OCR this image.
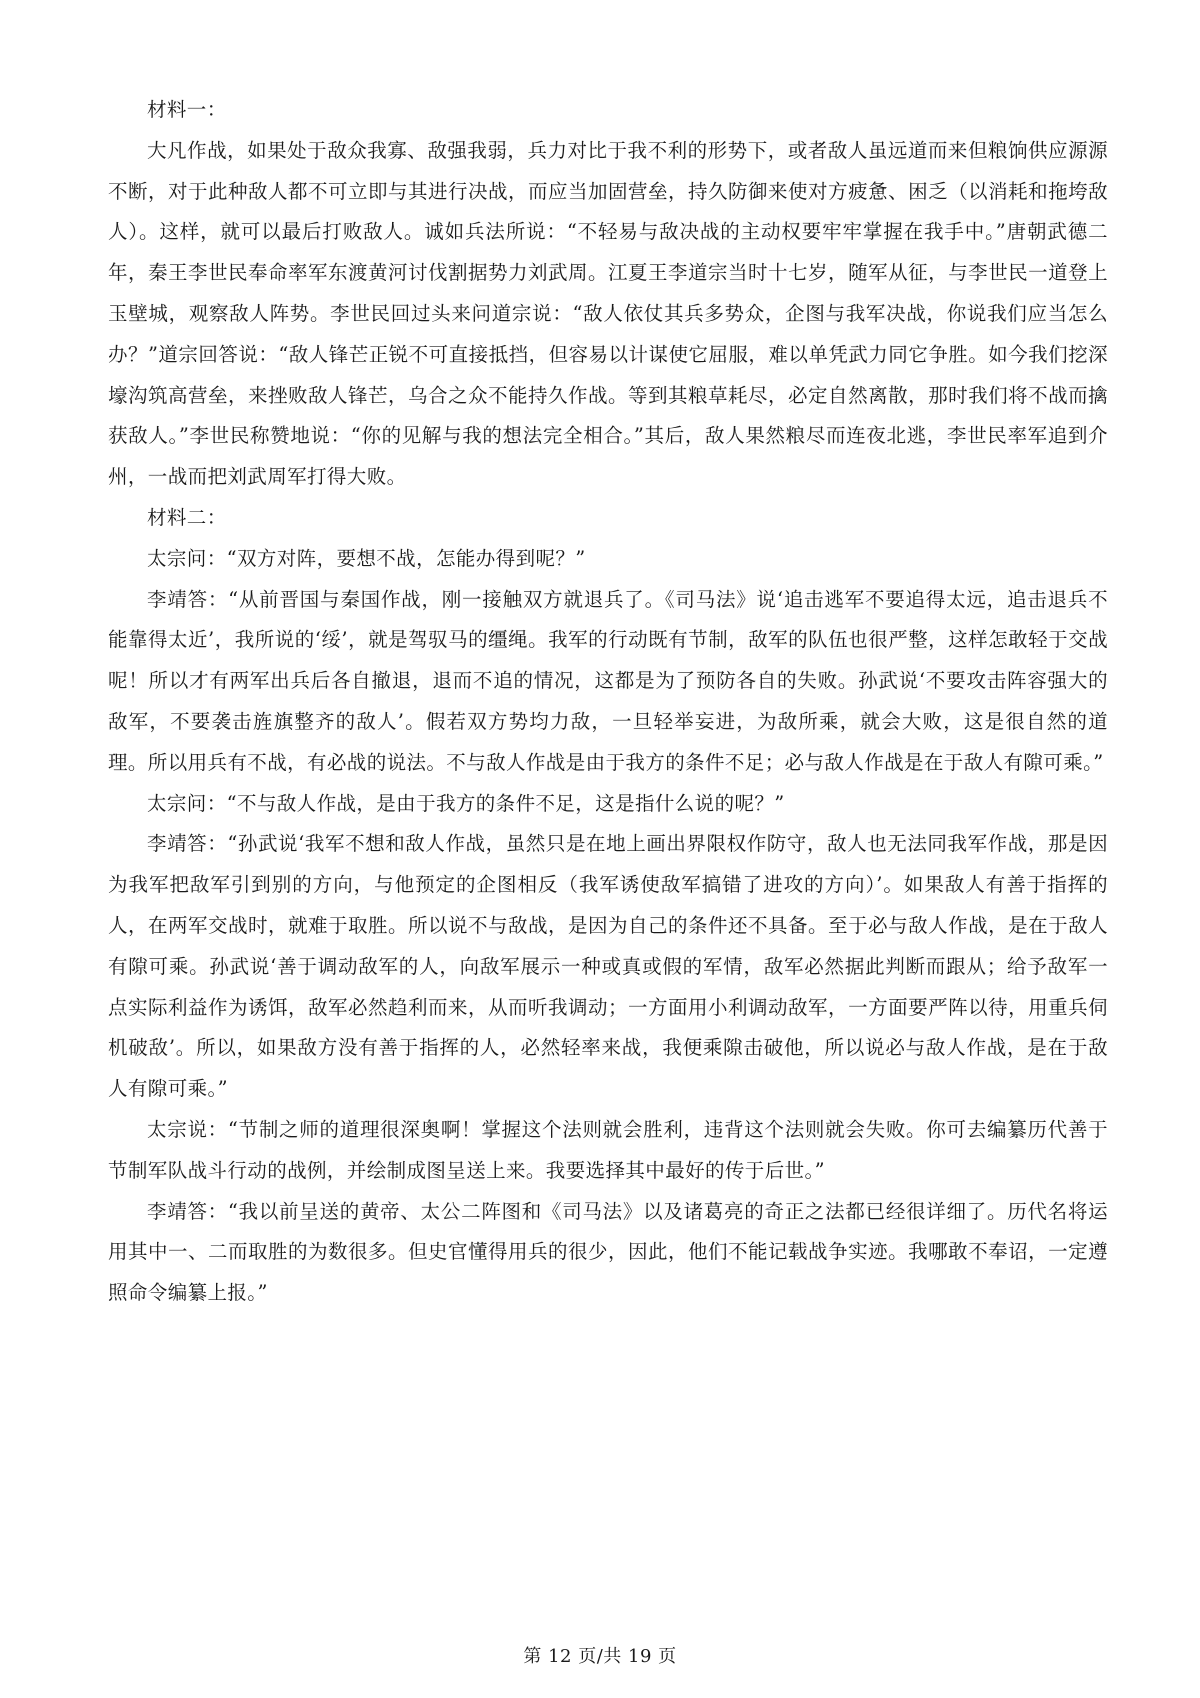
材料一：

大凡作战，如果处于敌众我寡、敌强我弱，兵力对比于我不利的形势下，或者敌人虽远道而来但粮饷供应源源不断，对于此种敌人都不可立即与其进行决战，而应当加固营垒，持久防御来使对方疲惫、困乏（以消耗和拖垮敌人）。这样，就可以最后打败敌人。诚如兵法所说：“不轻易与敌决战的主动权要牢牢掌握在我手中。”唐朝武德二年，秦王李世民奉命率军东渡黄河讨伐割据势力刘武周。江夏王李道宗当时十七岁，随军从征，与李世民一道登上玉壁城，观察敌人阵势。李世民回过头来问道宗说：“敌人依仗其兵多势众，企图与我军决战，你说我们应当怎么办？”道宗回答说：“敌人锋芒正锐不可直接抵挡，但容易以计谋使它屈服，难以单凭武力同它争胜。如今我们挖深壕沟筑高营垒，来挫败敌人锋芒，乌合之众不能持久作战。等到其粮草耗尽，必定自然离散，那时我们将不战而擒获敌人。”李世民称赞地说：“你的见解与我的想法完全相合。”其后，敌人果然粮尽而连夜北逃，李世民率军追到介州，一战而把刘武周军打得大败。

材料二：

太宗问：“双方对阵，要想不战，怎能办得到呢？”

李靖答：“从前晋国与秦国作战，刚一接触双方就退兵了。《司马法》说‘追击逃军不要追得太远，追击退兵不能靠得太近’，我所说的‘绥’，就是驾驭马的缰绳。我军的行动既有节制，敌军的队伍也很严整，这样怎敢轻于交战呢！所以才有两军出兵后各自撤退，退而不追的情况，这都是为了预防各自的失败。孙武说‘不要攻击阵容强大的敌军，不要袭击旌旗整齐的敌人’。假若双方势均力敌，一旦轻举妄进，为敌所乘，就会大败，这是很自然的道理。所以用兵有不战，有必战的说法。不与敌人作战是由于我方的条件不足；必与敌人作战是在于敌人有隙可乘。”

太宗问：“不与敌人作战，是由于我方的条件不足，这是指什么说的呢？”

李靖答：“孙武说‘我军不想和敌人作战，虽然只是在地上画出界限权作防守，敌人也无法同我军作战，那是因为我军把敌军引到别的方向，与他预定的企图相反（我军诱使敌军搞错了进攻的方向）’。如果敌人有善于指挥的人，在两军交战时，就难于取胜。所以说不与敌战，是因为自己的条件还不具备。至于必与敌人作战，是在于敌人有隙可乘。孙武说‘善于调动敌军的人，向敌军展示一种或真或假的军情，敌军必然据此判断而跟从；给予敌军一点实际利益作为诱饵，敌军必然趋利而来，从而听我调动；一方面用小利调动敌军，一方面要严阵以待，用重兵伺机破敌’。所以，如果敌方没有善于指挥的人，必然轻率来战，我便乘隙击破他，所以说必与敌人作战，是在于敌人有隙可乘。”

太宗说：“节制之师的道理很深奥啊！掌握这个法则就会胜利，违背这个法则就会失败。你可去编纂历代善于节制军队战斗行动的战例，并绘制成图呈送上来。我要选择其中最好的传于后世。”

李靖答：“我以前呈送的黄帝、太公二阵图和《司马法》以及诸葛亮的奇正之法都已经很详细了。历代名将运用其中一、二而取胜的为数很多。但史官懂得用兵的很少，因此，他们不能记载战争实迹。我哪敢不奉诏，一定遵照命令编纂上报。”

第 12 页/共 19 页
